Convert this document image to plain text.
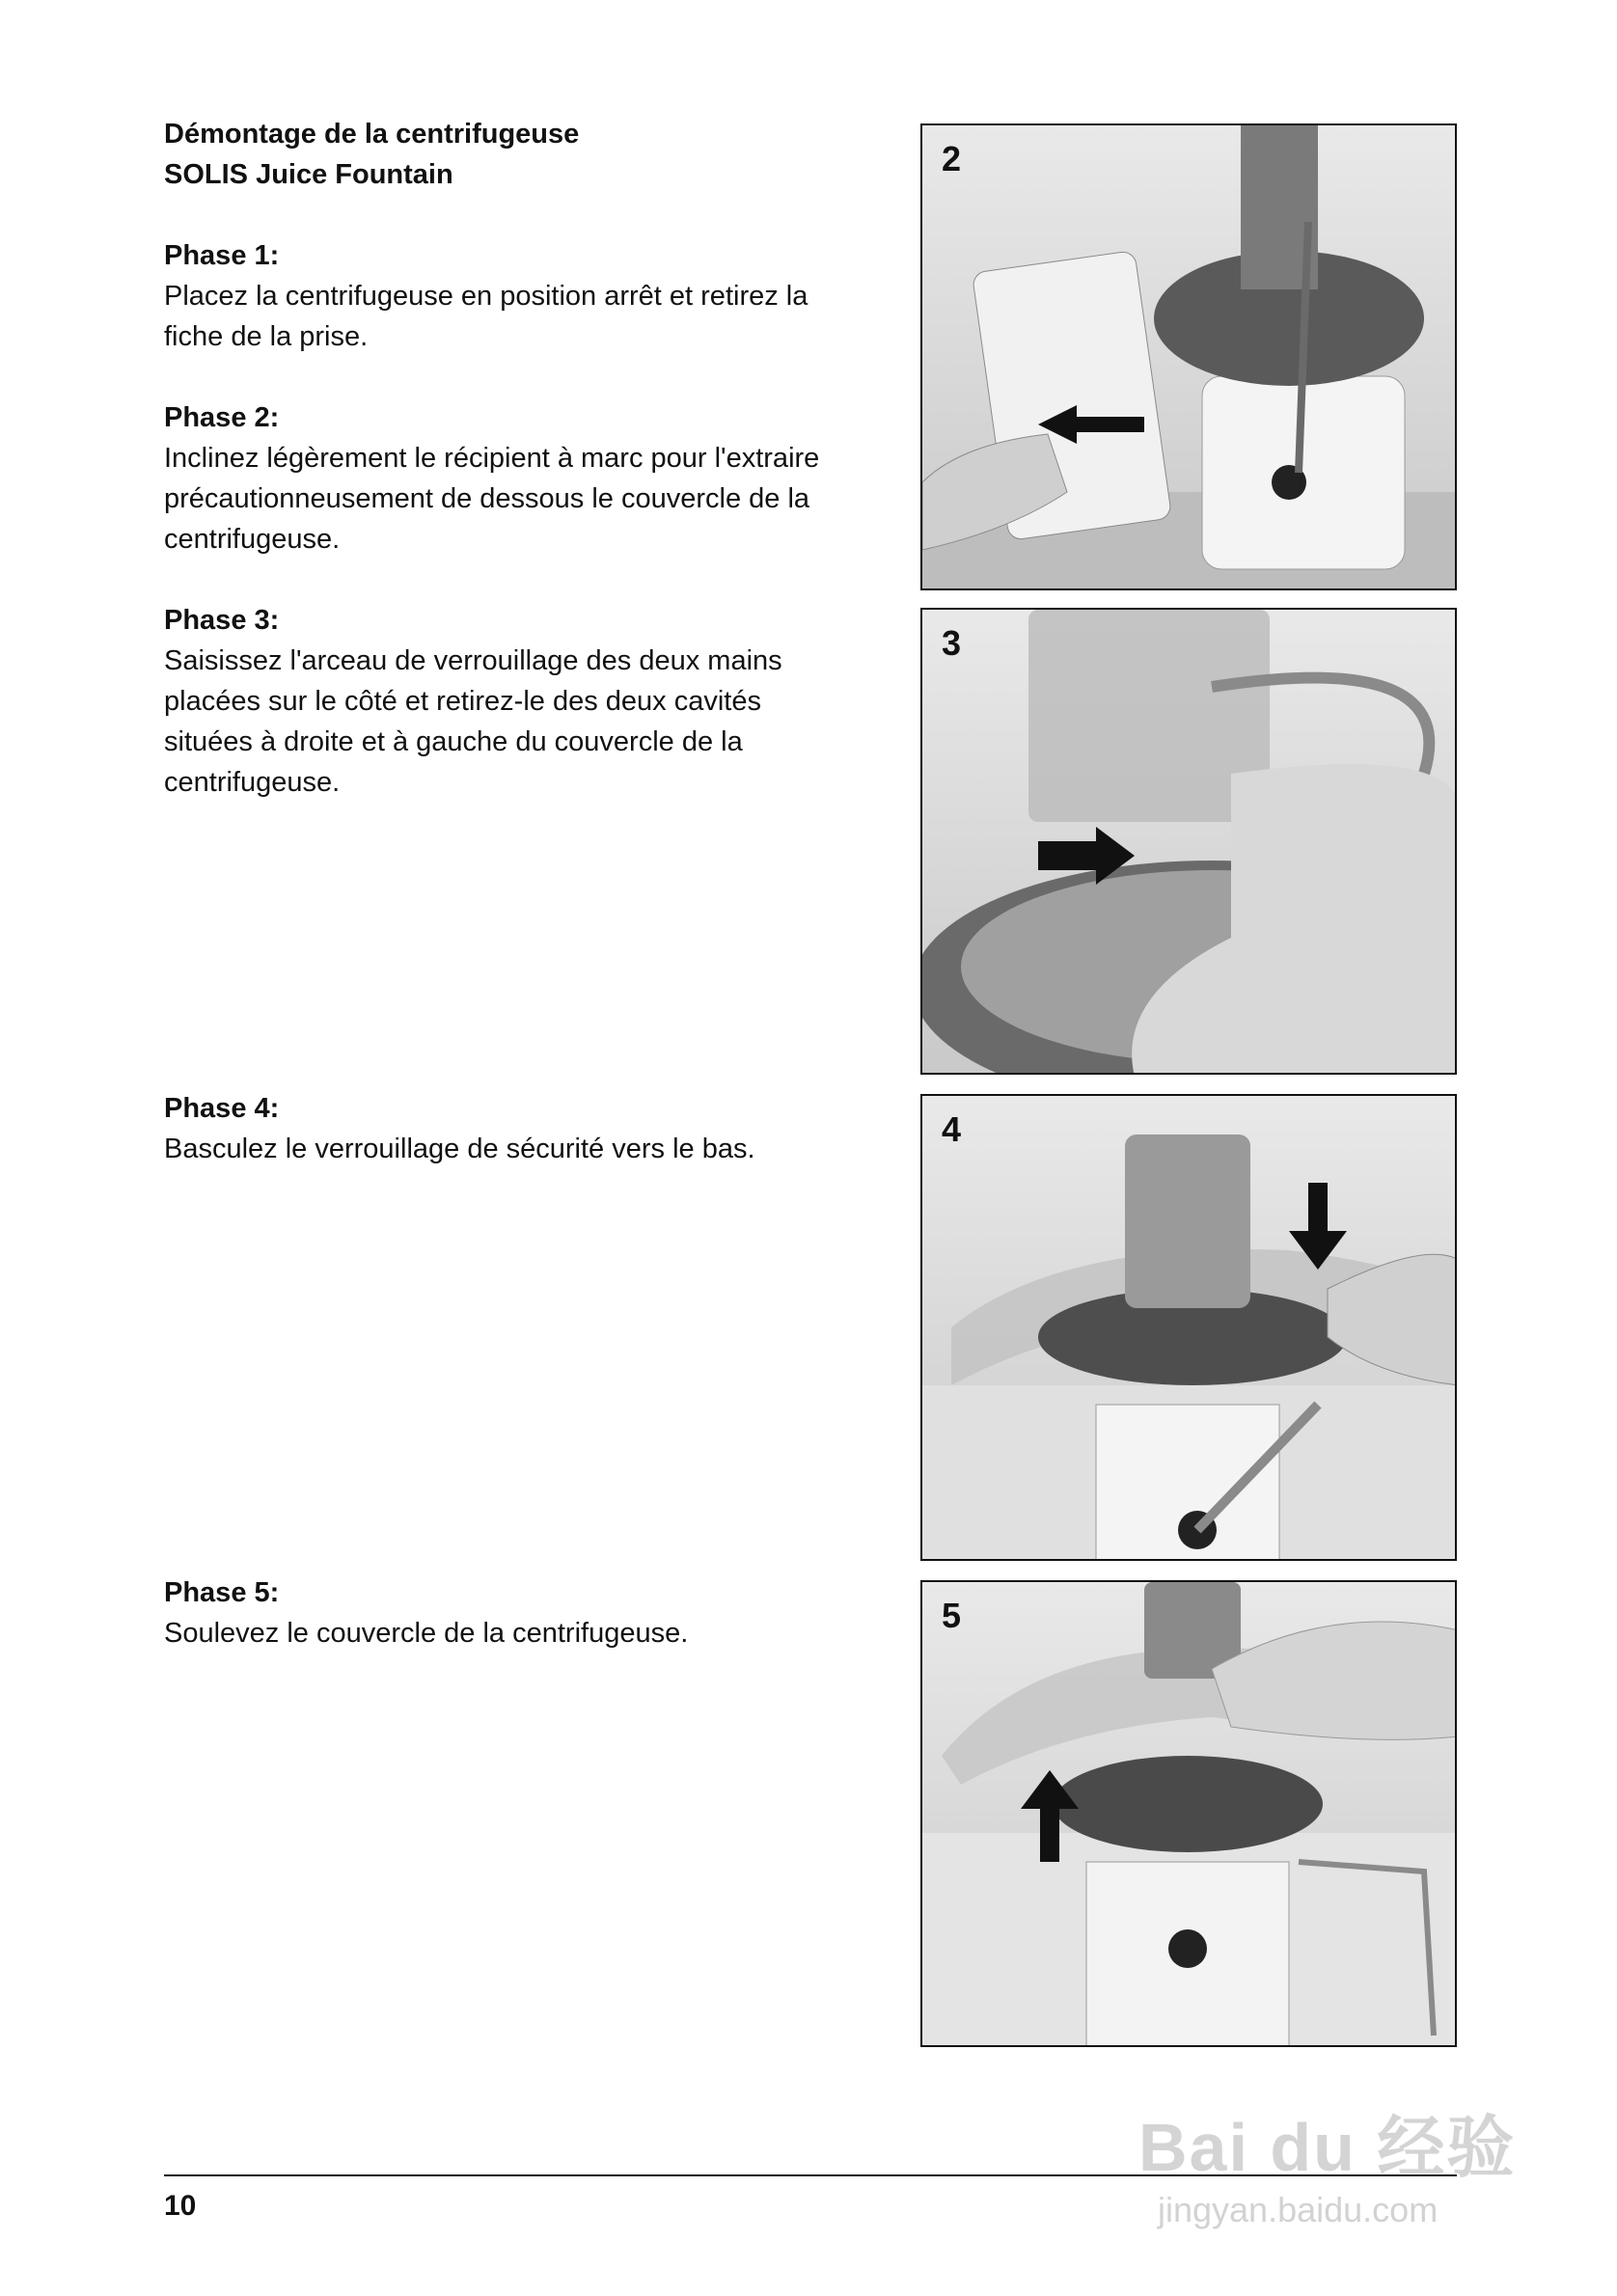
Démontage de la centrifugeuse
SOLIS Juice Fountain
Phase 1:

Placez la centrifugeuse en position arrêt et retirez la fiche de la prise.

Phase 2:

Inclinez légèrement le récipient à marc pour l'extraire précautionneusement de dessous le couvercle de la centrifugeuse.

Phase 3:

Saisissez l'arceau de verrouillage des deux mains placées sur le côté et retirez-le des deux cavités situées à droite et à gauche du couvercle de la centrifugeuse.

Phase 4:

Basculez le verrouillage de sécurité vers le bas.

Phase 5:

Soulevez le couvercle de la centrifugeuse.

2
3
4
5
10
Bai du 经验
jingyan.baidu.com
